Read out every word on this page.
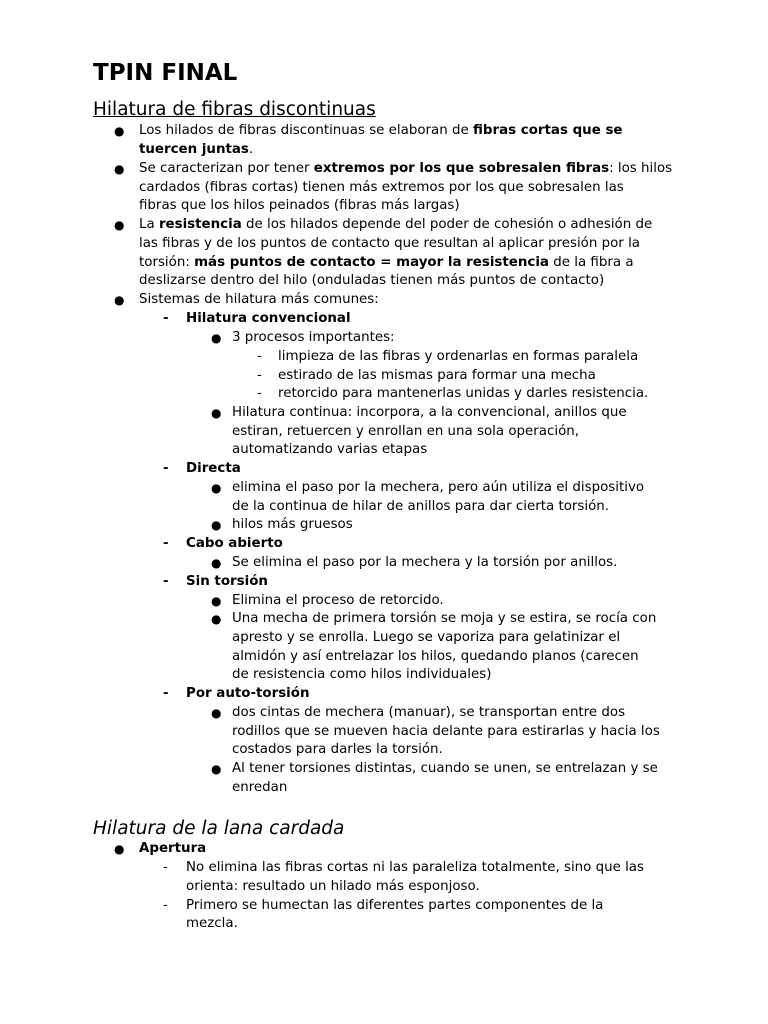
TPIN FINAL
Hilatura de fibras discontinuas
● Los hilados de fibras discontinuas se elaboran de fibras cortas que se
tuercen juntas.
● Se caracterizan por tener extremos por los que sobresalen fibras: los hilos
cardados (fibras cortas) tienen más extremos por los que sobresalen las
fibras que los hilos peinados (fibras más largas)
● La resistencia de los hilados depende del poder de cohesión o adhesión de
las fibras y de los puntos de contacto que resultan al aplicar presión por la
torsión: más puntos de contacto = mayor la resistencia de la fibra a
deslizarse dentro del hilo (onduladas tienen más puntos de contacto)
● Sistemas de hilatura más comunes:
- Hilatura convencional
● 3 procesos importantes:
- limpieza de las fibras y ordenarlas en formas paralela
- estirado de las mismas para formar una mecha
- retorcido para mantenerlas unidas y darles resistencia.
● Hilatura continua: incorpora, a la convencional, anillos que
estiran, retuercen y enrollan en una sola operación,
automatizando varias etapas
- Directa
● elimina el paso por la mechera, pero aún utiliza el dispositivo
de la continua de hilar de anillos para dar cierta torsión.
● hilos más gruesos
- Cabo abierto
● Se elimina el paso por la mechera y la torsión por anillos.
- Sin torsión
● Elimina el proceso de retorcido.
● Una mecha de primera torsión se moja y se estira, se rocía con
apresto y se enrolla. Luego se vaporiza para gelatinizar el
almidón y así entrelazar los hilos, quedando planos (carecen
de resistencia como hilos individuales)
- Por auto-torsión
● dos cintas de mechera (manuar), se transportan entre dos
rodillos que se mueven hacia delante para estirarlas y hacia los
costados para darles la torsión.
● Al tener torsiones distintas, cuando se unen, se entrelazan y se
enredan
Hilatura de la lana cardada
● Apertura
- No elimina las fibras cortas ni las paraleliza totalmente, sino que las
orienta: resultado un hilado más esponjoso.
- Primero se humectan las diferentes partes componentes de la
mezcla.
